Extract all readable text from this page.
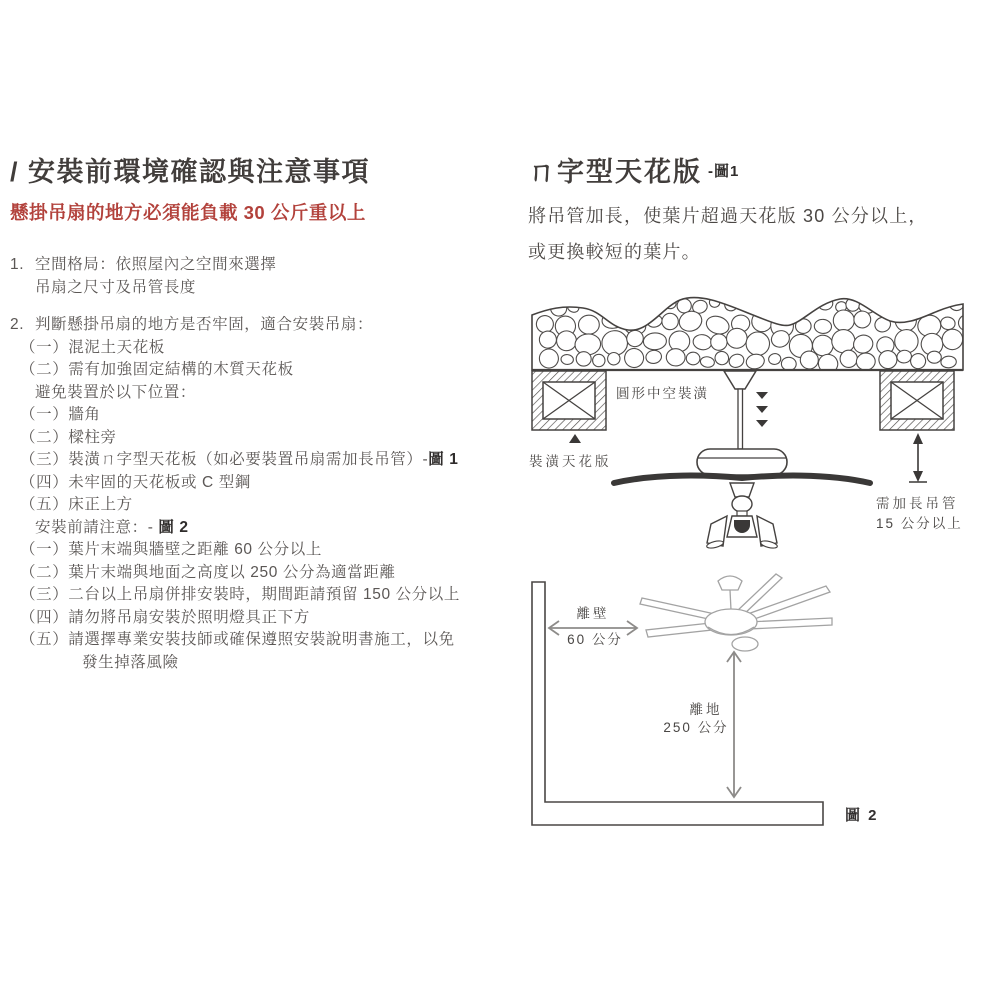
/ 安裝前環境確認與注意事項
懸掛吊扇的地方必須能負載 30 公斤重以上
1. 空間格局：依照屋內之空間來選擇
吊扇之尺寸及吊管長度
2. 判斷懸掛吊扇的地方是否牢固，適合安裝吊扇：
（一）混泥土天花板
（二）需有加強固定結構的木質天花板
避免裝置於以下位置：
（一）牆角
（二）樑柱旁
（三）裝潢ㄇ字型天花板（如必要裝置吊扇需加長吊管）-圖 1
（四）未牢固的天花板或 C 型鋼
（五）床正上方
安裝前請注意：- 圖 2
（一）葉片末端與牆壁之距離 60 公分以上
（二）葉片末端與地面之高度以 250 公分為適當距離
（三）二台以上吊扇併排安裝時，期間距請預留 150 公分以上
（四）請勿將吊扇安裝於照明燈具正下方
（五）請選擇專業安裝技師或確保遵照安裝說明書施工，以免
發生掉落風險
ㄇ字型天花版 -圖1
將吊管加長，使葉片超過天花版 30 公分以上，
或更換較短的葉片。
裝潢天花版
圓形中空裝潢
需加長吊管
15 公分以上
離壁
60 公分
離地
250 公分
圖 2
